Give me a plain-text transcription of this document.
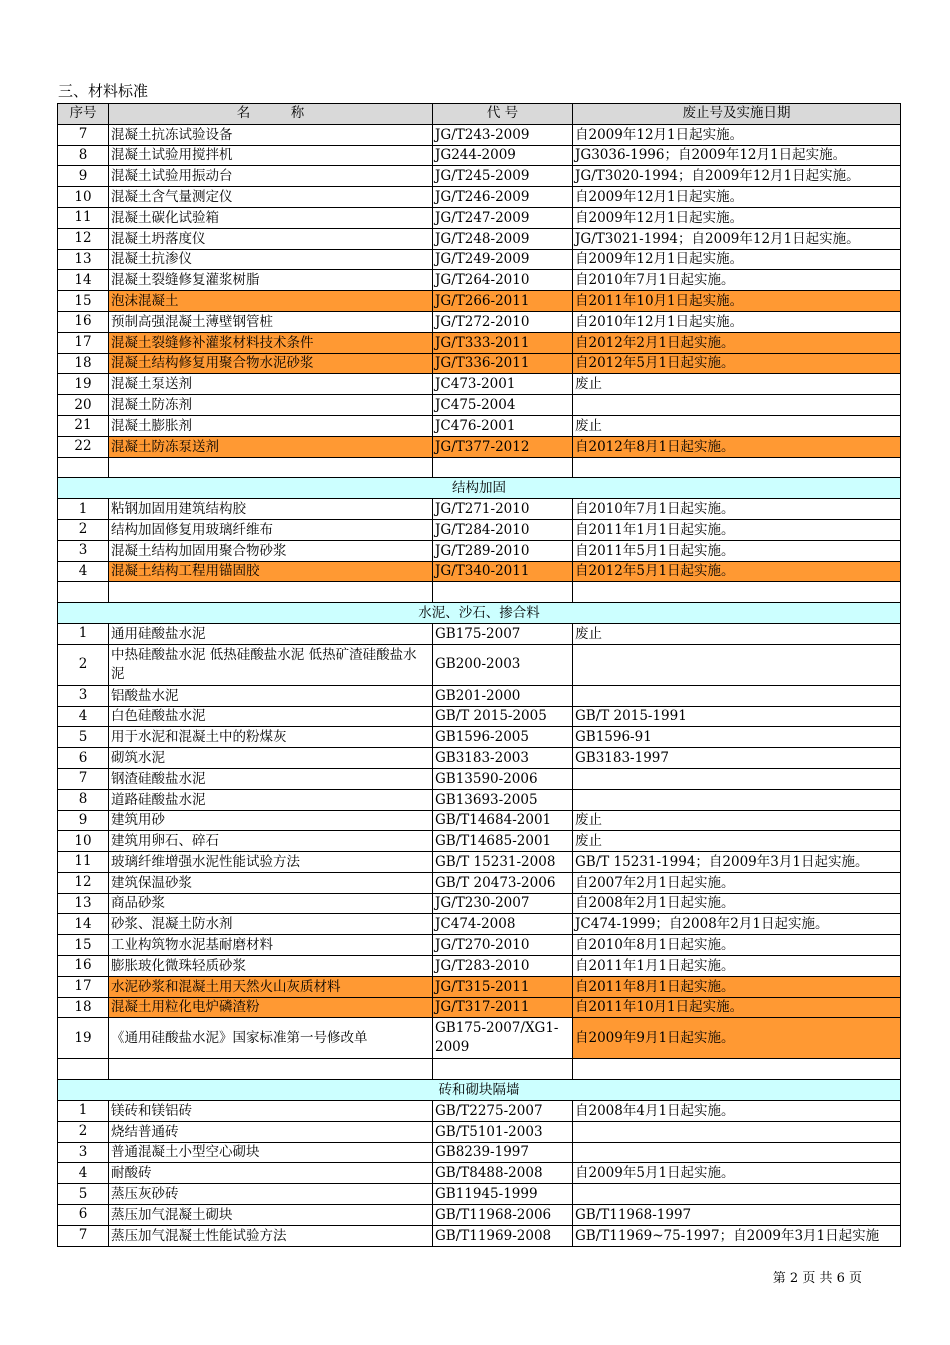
三、材料标准
序号	名　　　称	代 号	废止号及实施日期
7	混凝土抗冻试验设备	JG/T243-2009	自2009年12月1日起实施。
8	混凝土试验用搅拌机	JG244-2009	JG3036-1996；自2009年12月1日起实施。
9	混凝土试验用振动台	JG/T245-2009	JG/T3020-1994；自2009年12月1日起实施。
10	混凝土含气量测定仪	JG/T246-2009	自2009年12月1日起实施。
11	混凝土碳化试验箱	JG/T247-2009	自2009年12月1日起实施。
12	混凝土坍落度仪	JG/T248-2009	JG/T3021-1994；自2009年12月1日起实施。
13	混凝土抗渗仪	JG/T249-2009	自2009年12月1日起实施。
14	混凝土裂缝修复灌浆树脂	JG/T264-2010	自2010年7月1日起实施。
15	泡沫混凝土	JG/T266-2011	自2011年10月1日起实施。
16	预制高强混凝土薄壁钢管桩	JG/T272-2010	自2010年12月1日起实施。
17	混凝土裂缝修补灌浆材料技术条件	JG/T333-2011	自2012年2月1日起实施。
18	混凝土结构修复用聚合物水泥砂浆	JG/T336-2011	自2012年5月1日起实施。
19	混凝土泵送剂	JC473-2001	废止
20	混凝土防冻剂	JC475-2004	
21	混凝土膨胀剂	JC476-2001	废止
22	混凝土防冻泵送剂	JG/T377-2012	自2012年8月1日起实施。

结构加固			
1	粘钢加固用建筑结构胶	JG/T271-2010	自2010年7月1日起实施。
2	结构加固修复用玻璃纤维布	JG/T284-2010	自2011年1月1日起实施。
3	混凝土结构加固用聚合物砂浆	JG/T289-2010	自2011年5月1日起实施。
4	混凝土结构工程用锚固胶	JG/T340-2011	自2012年5月1日起实施。

水泥、沙石、掺合料			
1	通用硅酸盐水泥	GB175-2007	废止
2	中热硅酸盐水泥 低热硅酸盐水泥 低热矿渣硅酸盐水泥	GB200-2003	
3	铝酸盐水泥	GB201-2000	
4	白色硅酸盐水泥	GB/T 2015-2005	GB/T 2015-1991
5	用于水泥和混凝土中的粉煤灰	GB1596-2005	GB1596-91
6	砌筑水泥	GB3183-2003	GB3183-1997
7	钢渣硅酸盐水泥	GB13590-2006	
8	道路硅酸盐水泥	GB13693-2005	
9	建筑用砂	GB/T14684-2001	废止
10	建筑用卵石、碎石	GB/T14685-2001	废止
11	玻璃纤维增强水泥性能试验方法	GB/T 15231-2008	GB/T 15231-1994；自2009年3月1日起实施。
12	建筑保温砂浆	GB/T 20473-2006	自2007年2月1日起实施。
13	商品砂浆	JG/T230-2007	自2008年2月1日起实施。
14	砂浆、混凝土防水剂	JC474-2008	JC474-1999；自2008年2月1日起实施。
15	工业构筑物水泥基耐磨材料	JG/T270-2010	自2010年8月1日起实施。
16	膨胀玻化微珠轻质砂浆	JG/T283-2010	自2011年1月1日起实施。
17	水泥砂浆和混凝土用天然火山灰质材料	JG/T315-2011	自2011年8月1日起实施。
18	混凝土用粒化电炉磷渣粉	JG/T317-2011	自2011年10月1日起实施。
19	《通用硅酸盐水泥》国家标准第一号修改单	GB175-2007/XG1-2009	自2009年9月1日起实施。

砖和砌块隔墙			
1	镁砖和镁铝砖	GB/T2275-2007	自2008年4月1日起实施。
2	烧结普通砖	GB/T5101-2003	
3	普通混凝土小型空心砌块	GB8239-1997	
4	耐酸砖	GB/T8488-2008	自2009年5月1日起实施。
5	蒸压灰砂砖	GB11945-1999	
6	蒸压加气混凝土砌块	GB/T11968-2006	GB/T11968-1997
7	蒸压加气混凝土性能试验方法	GB/T11969-2008	GB/T11969~75-1997；自2009年3月1日起实施
第 2 页 共 6 页
